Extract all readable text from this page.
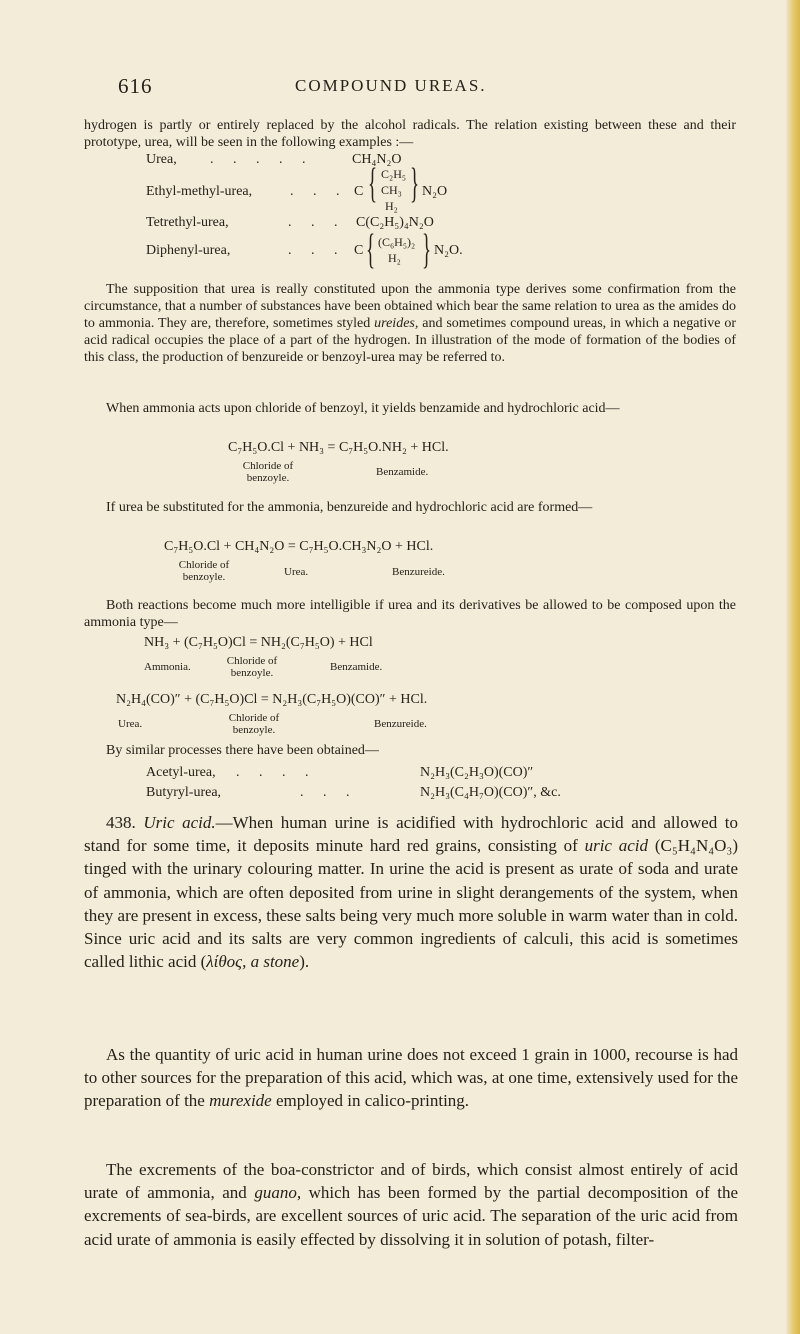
616	COMPOUND UREAS.
hydrogen is partly or entirely replaced by the alcohol radicals. The relation existing between these and their prototype, urea, will be seen in the following examples :—
Urea, . . . . .	CH₄N₂O
Ethyl-methyl-urea,	. . . C { C₂H₅
CH₃
H₂ } N₂O
Tetrethyl-urea,	. . . C(C₂H₅)₄N₂O
Diphenyl-urea,	. . . C { (C₆H₅)₂
H₂ } N₂O.
The supposition that urea is really constituted upon the ammonia type derives some confirmation from the circumstance, that a number of substances have been obtained which bear the same relation to urea as the amides do to ammonia. They are, therefore, sometimes styled ureides, and sometimes compound ureas, in which a negative or acid radical occupies the place of a part of the hydrogen. In illustration of the mode of formation of the bodies of this class, the production of benzureide or benzoyl-urea may be referred to.
When ammonia acts upon chloride of benzoyl, it yields benzamide and hydrochloric acid—
C₇H₅O.Cl + NH₃ = C₇H₅O.NH₂ + HCl.
Chloride of benzoyle.	Benzamide.
If urea be substituted for the ammonia, benzureide and hydrochloric acid are formed—
C₇H₅O.Cl + CH₄N₂O = C₇H₅O.CH₃N₂O + HCl.
Chloride of benzoyle.	Urea.	Benzureide.
Both reactions become much more intelligible if urea and its derivatives be allowed to be composed upon the ammonia type—
NH₃ + (C₇H₅O)Cl = NH₂(C₇H₅O) + HCl
Ammonia.	Chloride of benzoyle.	Benzamide.
N₂H₄(CO)″ + (C₇H₅O)Cl = N₂H₃(C₇H₅O)(CO)″ + HCl.
Urea.	Chloride of benzoyle.	Benzureide.
By similar processes there have been obtained—
Acetyl-urea, . . . .	N₂H₃(C₂H₃O)(CO)″
Butyryl-urea,	. . .	N₂H₃(C₄H₇O)(CO)″, &c.
438. Uric acid.—When human urine is acidified with hydrochloric acid and allowed to stand for some time, it deposits minute hard red grains, consisting of uric acid (C₅H₄N₄O₃) tinged with the urinary colouring matter. In urine the acid is present as urate of soda and urate of ammonia, which are often deposited from urine in slight derangements of the system, when they are present in excess, these salts being very much more soluble in warm water than in cold. Since uric acid and its salts are very common ingredients of calculi, this acid is sometimes called lithic acid (λίθος, a stone).
As the quantity of uric acid in human urine does not exceed 1 grain in 1000, recourse is had to other sources for the preparation of this acid, which was, at one time, extensively used for the preparation of the murexide employed in calico-printing.
The excrements of the boa-constrictor and of birds, which consist almost entirely of acid urate of ammonia, and guano, which has been formed by the partial decomposition of the excrements of sea-birds, are excellent sources of uric acid. The separation of the uric acid from acid urate of ammonia is easily effected by dissolving it in solution of potash, filter-
